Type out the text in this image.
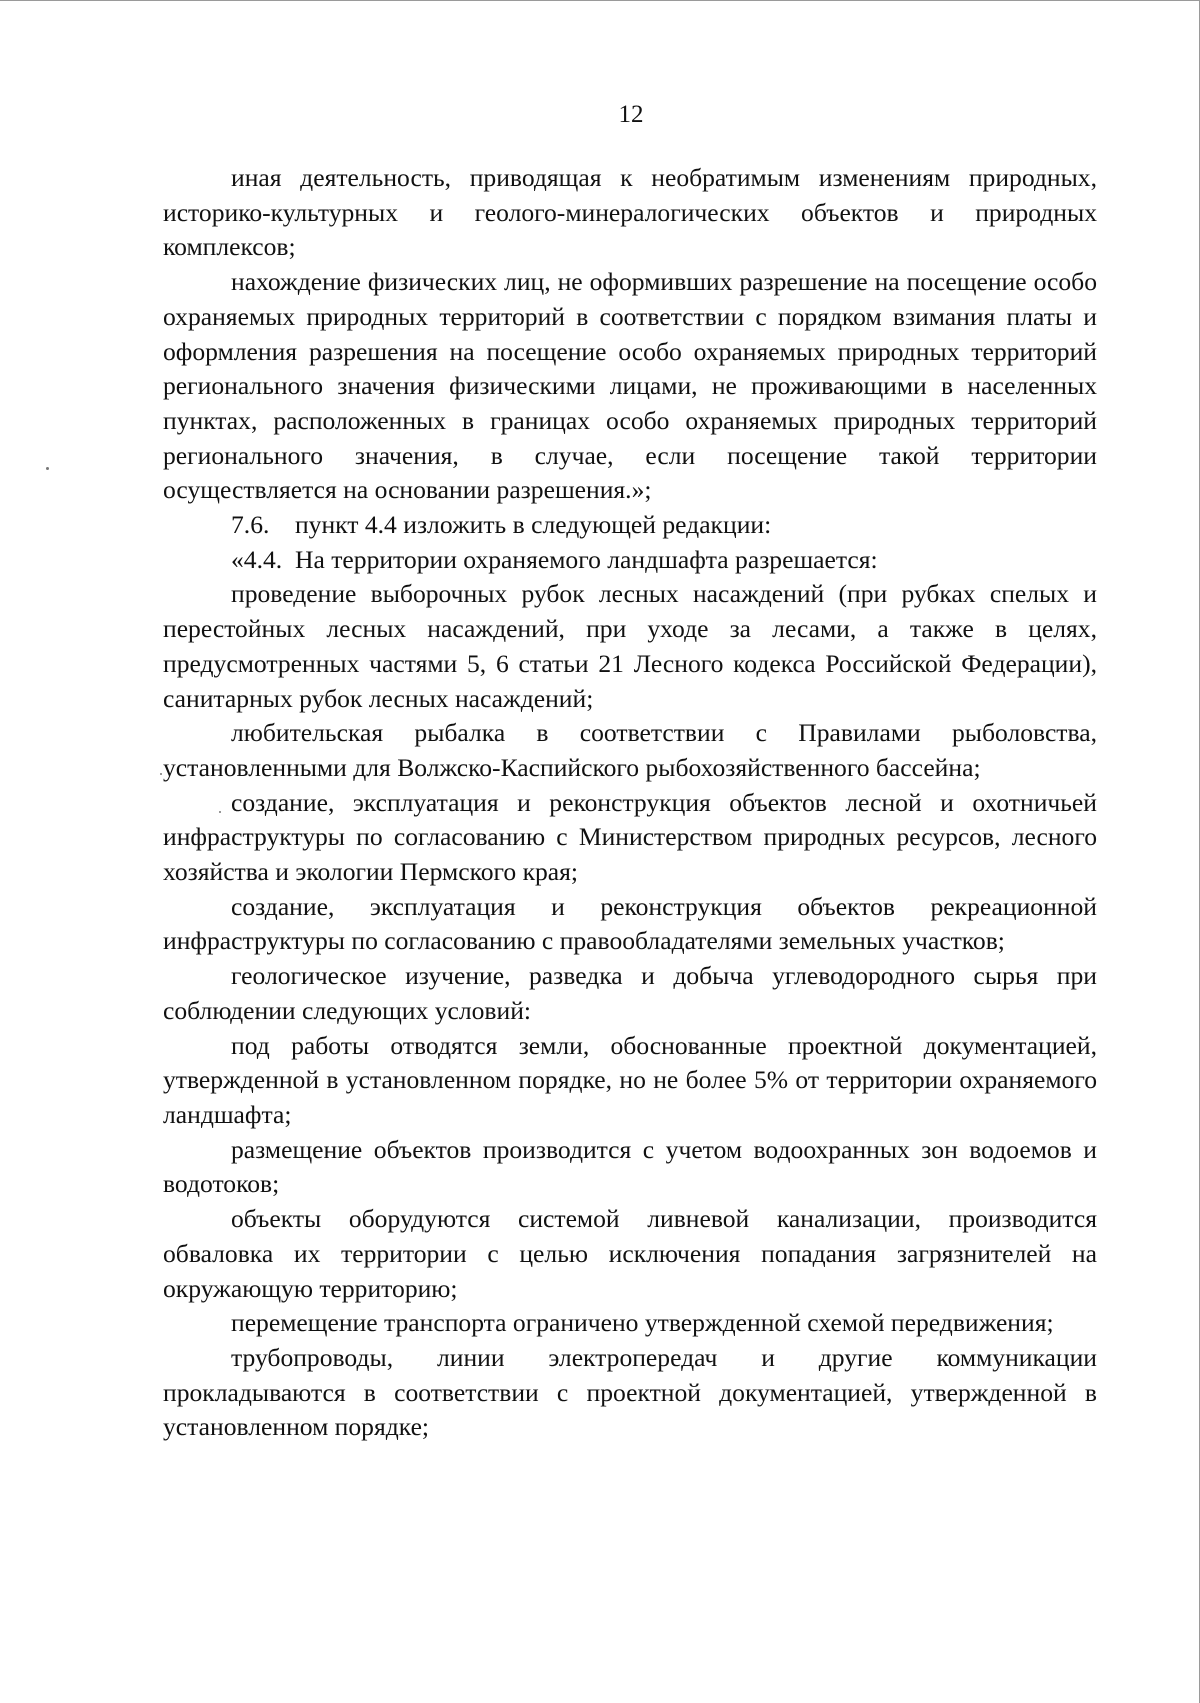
12

иная деятельность, приводящая к необратимым изменениям природных, историко-культурных и геолого-минералогических объектов и природных комплексов;

нахождение физических лиц, не оформивших разрешение на посещение особо охраняемых природных территорий в соответствии с порядком взимания платы и оформления разрешения на посещение особо охраняемых природных территорий регионального значения физическими лицами, не проживающими в населенных пунктах, расположенных в границах особо охраняемых природных территорий регионального значения, в случае, если посещение такой территории осуществляется на основании разрешения.»;

7.6.    пункт 4.4 изложить в следующей редакции:

«4.4.  На территории охраняемого ландшафта разрешается:

проведение выборочных рубок лесных насаждений (при рубках спелых и перестойных лесных насаждений, при уходе за лесами, а также в целях, предусмотренных частями 5, 6 статьи 21 Лесного кодекса Российской Федерации), санитарных рубок лесных насаждений;

любительская рыбалка в соответствии с Правилами рыболовства, установленными для Волжско-Каспийского рыбохозяйственного бассейна;

создание, эксплуатация и реконструкция объектов лесной и охотничьей инфраструктуры по согласованию с Министерством природных ресурсов, лесного хозяйства и экологии Пермского края;

создание, эксплуатация и реконструкция объектов рекреационной инфраструктуры по согласованию с правообладателями земельных участков;

геологическое изучение, разведка и добыча углеводородного сырья при соблюдении следующих условий:

под работы отводятся земли, обоснованные проектной документацией, утвержденной в установленном порядке, но не более 5% от территории охраняемого ландшафта;

размещение объектов производится с учетом водоохранных зон водоемов и водотоков;

объекты оборудуются системой ливневой канализации, производится обваловка их территории с целью исключения попадания загрязнителей на окружающую территорию;

перемещение транспорта ограничено утвержденной схемой передвижения;

трубопроводы, линии электропередач и другие коммуникации прокладываются в соответствии с проектной документацией, утвержденной в установленном порядке;
